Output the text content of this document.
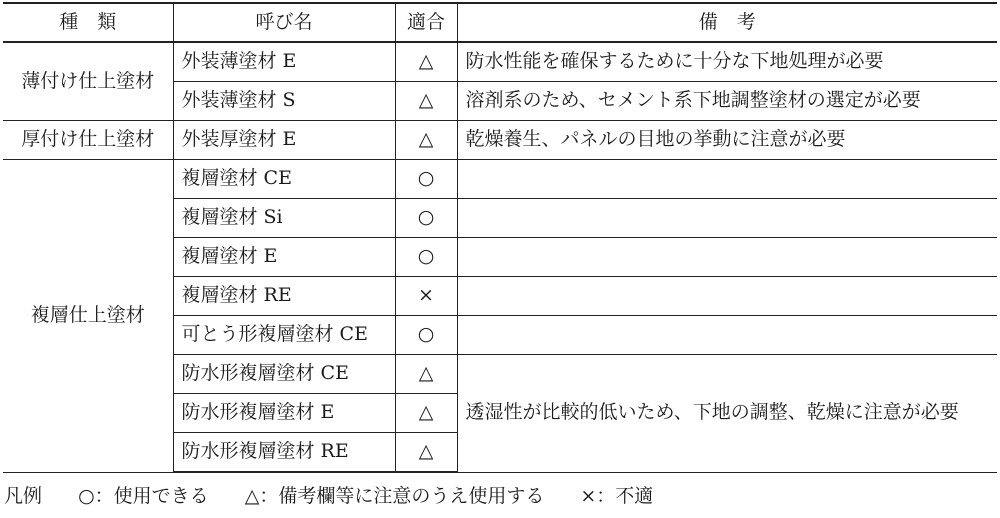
種　類	呼び名	適合	備　考
薄付け仕上塗材	外装薄塗材 E	△	防水性能を確保するために十分な下地処理が必要
	外装薄塗材 S	△	溶剤系のため、セメント系下地調整塗材の選定が必要
厚付け仕上塗材	外装厚塗材 E	△	乾燥養生、パネルの目地の挙動に注意が必要
複層仕上塗材	複層塗材 CE	○	
	複層塗材 Si	○	
	複層塗材 E	○	
	複層塗材 RE	×	
	可とう形複層塗材 CE	○	
	防水形複層塗材 CE	△	透湿性が比較的低いため、下地の調整、乾燥に注意が必要
	防水形複層塗材 E	△	
	防水形複層塗材 RE	△	
凡例 ○：使用できる △：備考欄等に注意のうえ使用する ×：不適
